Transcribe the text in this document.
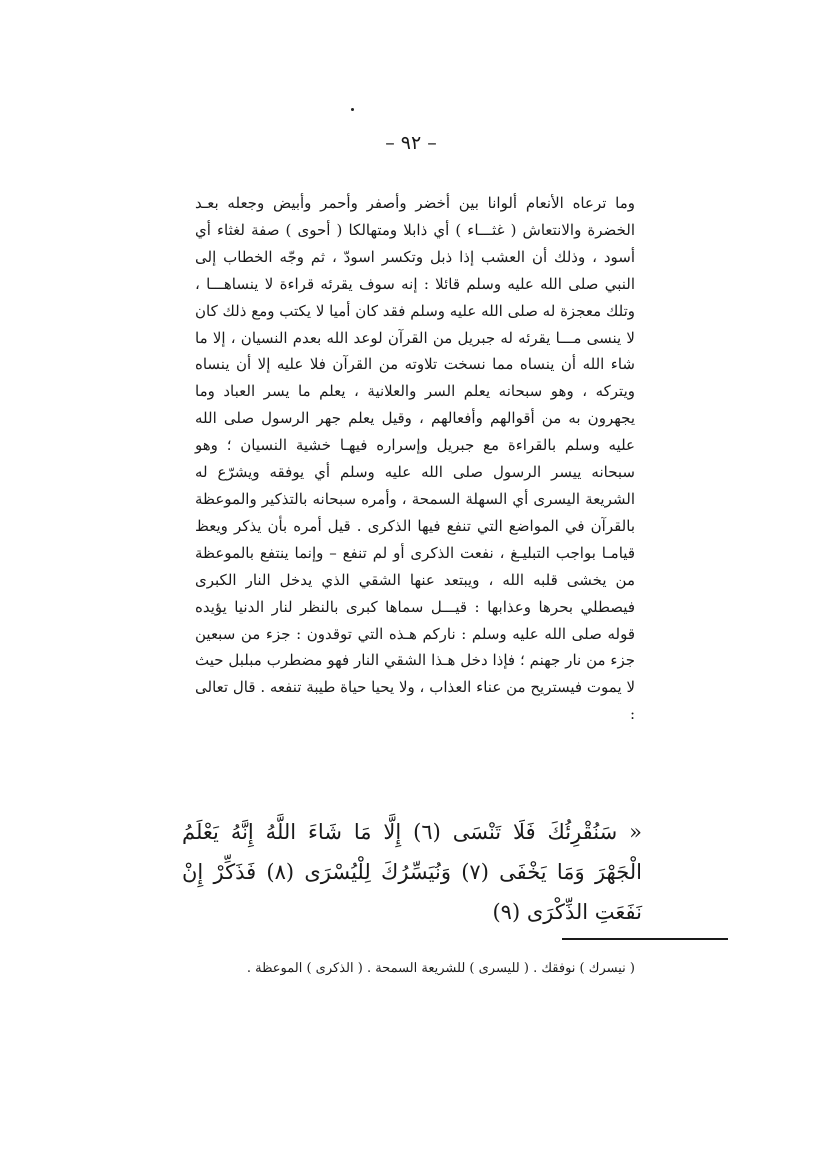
– ٩٢ –

وما ترعاه الأنعام ألوانا بين أخضر وأصفر وأحمر وأبيض وجعله بعـد الخضرة والانتعاش ( غثـــاء ) أي ذابلا ومتهالكا ( أحوى ) صفة لغثاء أي أسود ، وذلك أن العشب إذا ذبل وتكسر اسودّ ، ثم وجّه الخطاب إلى النبي صلى الله عليه وسلم قائلا : إنه سوف يقرئه قراءة لا ينساهـــا ، وتلك معجزة له صلى الله عليه وسلم فقد كان أميا لا يكتب ومع ذلك كان لا ينسى مـــا يقرئه له جبريل من القرآن لوعد الله بعدم النسيان ، إلا ما شاء الله أن ينساه مما نسخت تلاوته من القرآن فلا عليه إلا أن ينساه ويتركه ، وهو سبحانه يعلم السر والعلانية ، يعلم ما يسر العباد وما يجهرون به من أقوالهم وأفعالهم ، وقيل يعلم جهر الرسول صلى الله عليه وسلم بالقراءة مع جبريل وإسراره فيهـا خشية النسيان ؛ وهو سبحانه ييسر الرسول صلى الله عليه وسلم أي يوفقه ويشرّع له الشريعة اليسرى أي السهلة السمحة ، وأمره سبحانه بالتذكير والموعظة بالقرآن في المواضع التي تنفع فيها الذكرى . قيل أمره بأن يذكر ويعظ قيامـا بواجب التبليـغ ، نفعت الذكرى أو لم تنفع – وإنما ينتفع بالموعظة من يخشى قلبه الله ، ويبتعد عنها الشقي الذي يدخل النار الكبرى فيصطلي بحرها وعذابها : قيـــل سماها كبرى بالنظر لنار الدنيا يؤيده قوله صلى الله عليه وسلم : ناركم هـذه التي توقدون : جزء من سبعين جزء من نار جهنم ؛ فإذا دخل هـذا الشقي النار فهو مضطرب مبلبل حيث لا يموت فيستريح من عناء العذاب ، ولا يحيا حياة طيبة تنفعه . قال تعالى :

« سَنُقْرِئُكَ فَلَا تَنْسَى (٦) إِلَّا مَا شَاءَ اللَّهُ إِنَّهُ يَعْلَمُ الْجَهْرَ وَمَا يَخْفَى (٧) وَنُيَسِّرُكَ لِلْيُسْرَى (٨) فَذَكِّرْ إِنْ نَفَعَتِ الذِّكْرَى (٩)

( نيسرك ) نوفقك . ( لليسرى ) للشريعة السمحة . ( الذكرى ) الموعظة .
